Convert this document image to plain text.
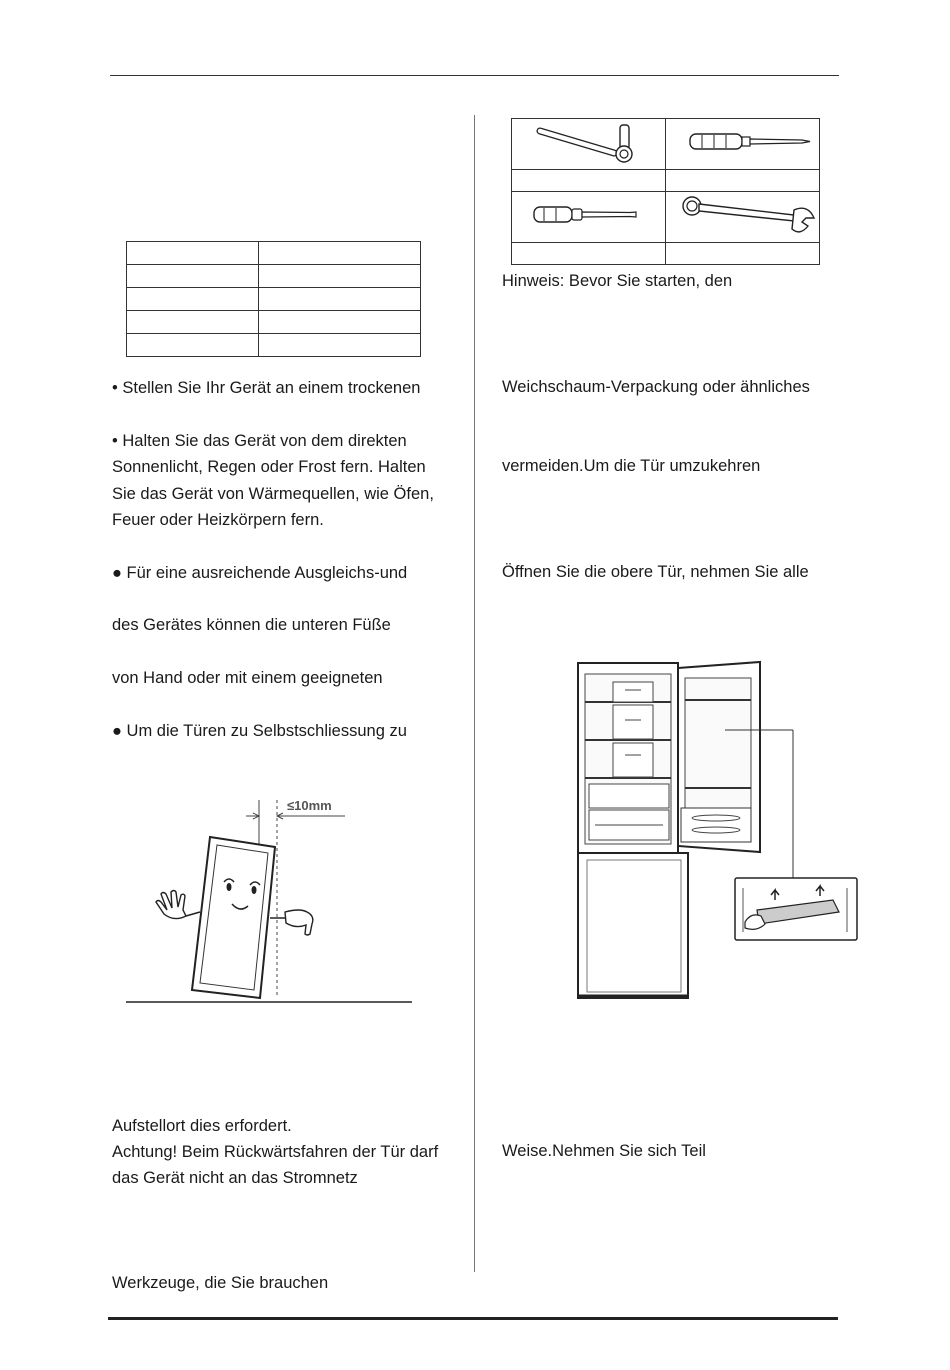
• Stellen Sie Ihr Gerät an einem trockenen
• Halten Sie das Gerät von dem direkten
Sonnenlicht, Regen oder Frost fern. Halten
Sie das Gerät von Wärmequellen, wie Öfen,
Feuer oder Heizkörpern fern.
● Für eine ausreichende Ausgleichs-und
des Gerätes können die unteren Füße
von Hand oder mit einem geeigneten
● Um die Türen zu Selbstschliessung zu
≤10mm
Aufstellort dies erfordert.
Achtung! Beim Rückwärtsfahren der Tür darf
das Gerät nicht an das Stromnetz
Werkzeuge, die Sie brauchen

Hinweis: Bevor Sie starten, den
Weichschaum-Verpackung oder ähnliches
vermeiden.Um die Tür umzukehren
Öffnen Sie die obere Tür, nehmen Sie alle
Weise.Nehmen Sie sich Teil
